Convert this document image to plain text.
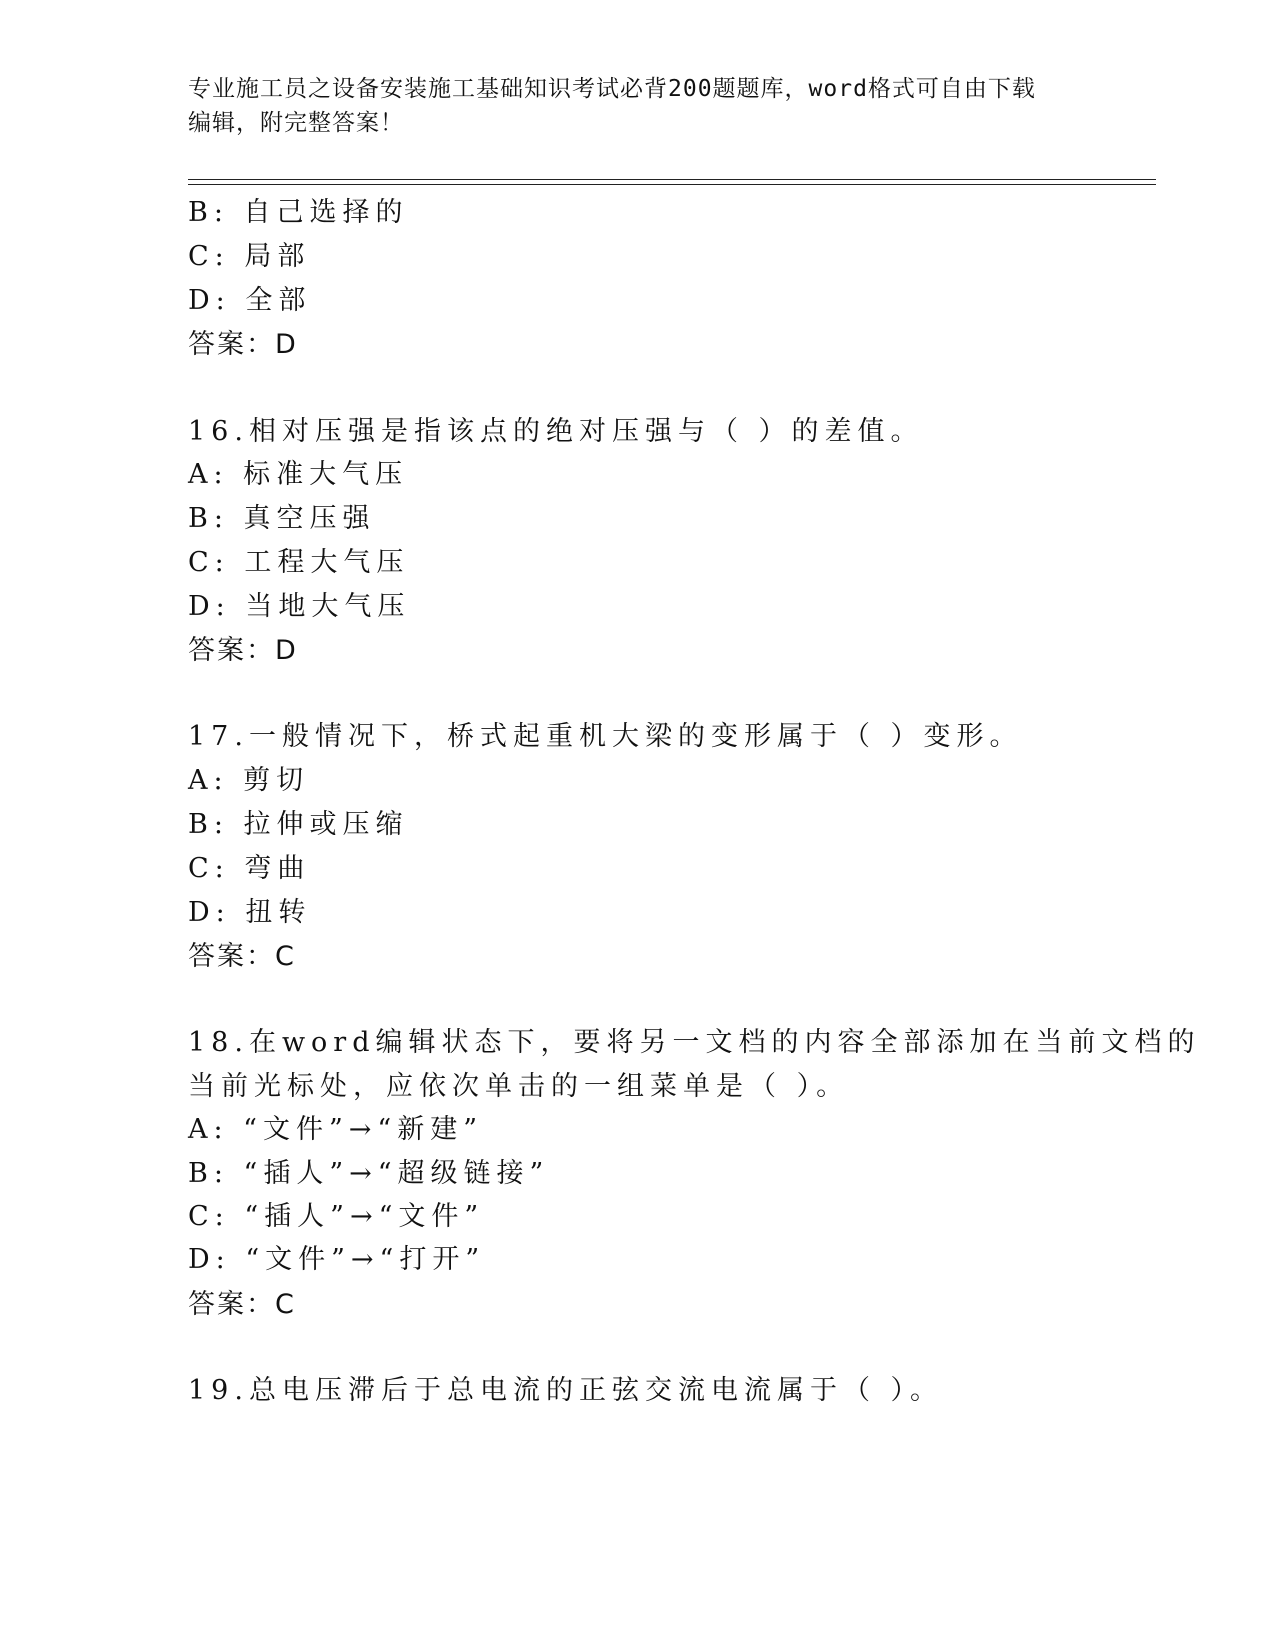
专业施工员之设备安装施工基础知识考试必背200题题库，word格式可自由下载

编辑，附完整答案！

B: 自己选择的
C: 局部
D: 全部
答案：D
16.相对压强是指该点的绝对压强与（ ）的差值。
A: 标准大气压
B: 真空压强
C: 工程大气压
D: 当地大气压
答案：D
17.一般情况下，桥式起重机大梁的变形属于（ ）变形。
A: 剪切
B: 拉伸或压缩
C: 弯曲
D: 扭转
答案：C
18.在word编辑状态下，要将另一文档的内容全部添加在当前文档的
当前光标处，应依次单击的一组菜单是（ ）。
A: “文件”→“新建”
B: “插人”→“超级链接”
C: “插人”→“文件”
D: “文件”→“打开”
答案：C
19.总电压滞后于总电流的正弦交流电流属于（ ）。
